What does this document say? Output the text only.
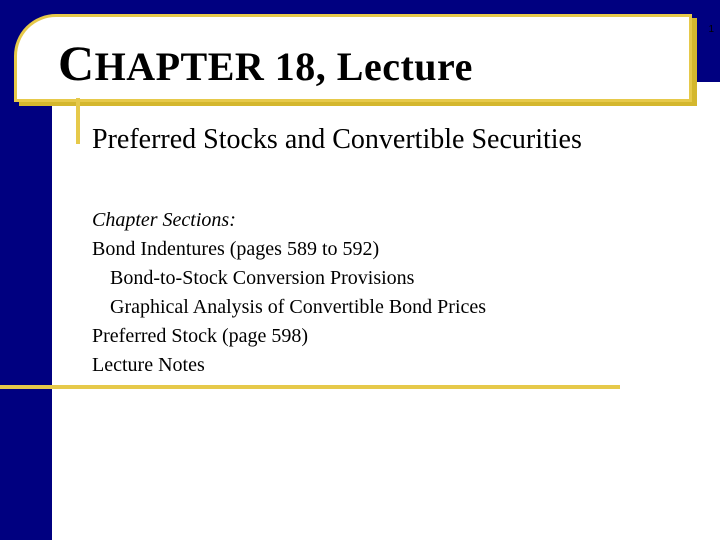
CHAPTER 18, Lecture
1
Preferred Stocks and Convertible Securities
Chapter Sections:
Bond Indentures (pages 589 to 592)
Bond-to-Stock Conversion Provisions
Graphical Analysis of Convertible Bond Prices
Preferred Stock (page 598)
Lecture Notes
